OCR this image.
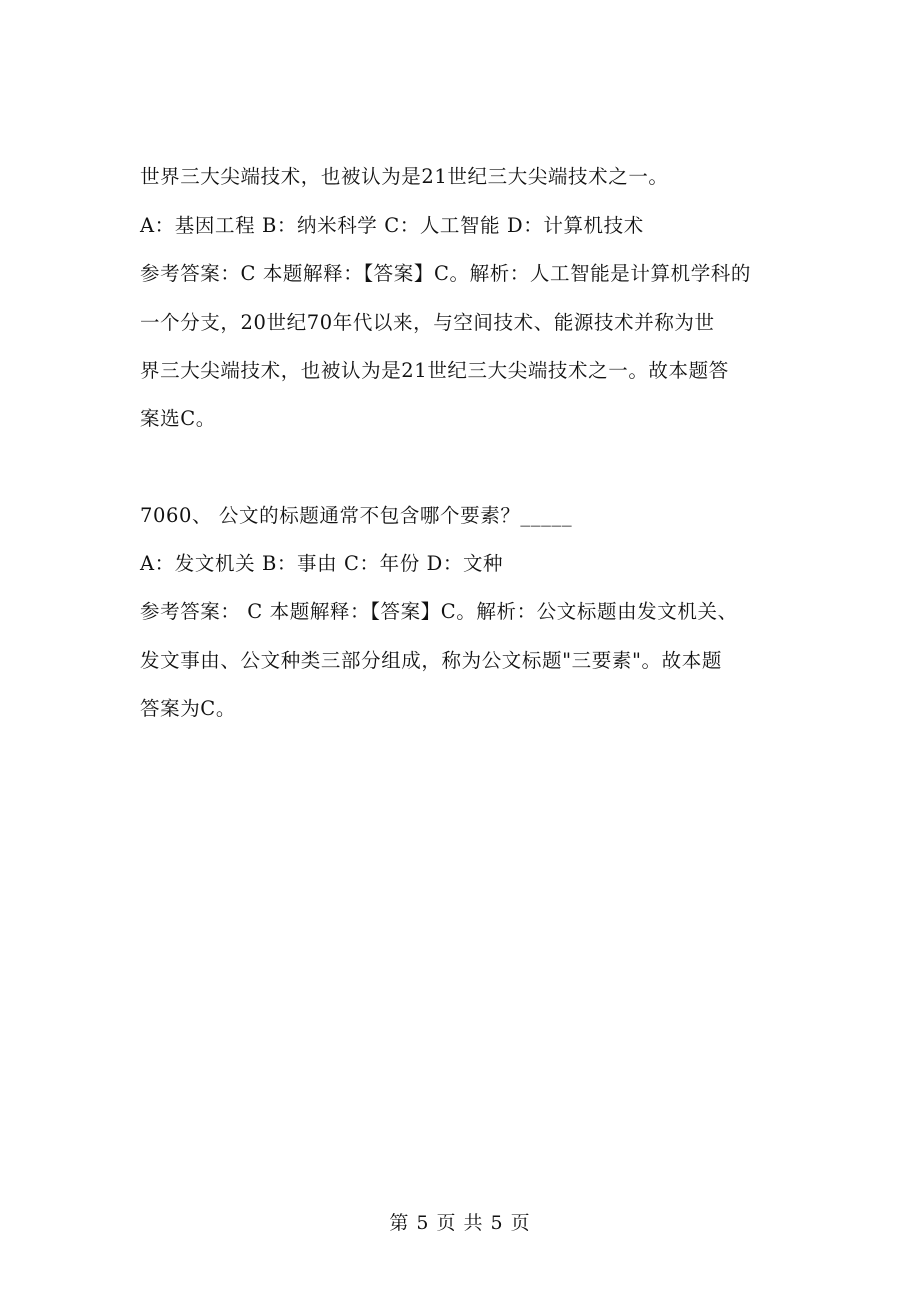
世界三大尖端技术，也被认为是21世纪三大尖端技术之一。
A：基因工程 B：纳米科学 C：人工智能 D：计算机技术
参考答案：C 本题解释：【答案】C。解析：人工智能是计算机学科的
一个分支，20世纪70年代以来，与空间技术、能源技术并称为世
界三大尖端技术，也被认为是21世纪三大尖端技术之一。故本题答
案选C。
7060、 公文的标题通常不包含哪个要素？_____
A：发文机关 B：事由 C：年份 D：文种
参考答案： C 本题解释：【答案】C。解析：公文标题由发文机关、
发文事由、公文种类三部分组成，称为公文标题"三要素"。故本题
答案为C。
第 5 页 共 5 页
